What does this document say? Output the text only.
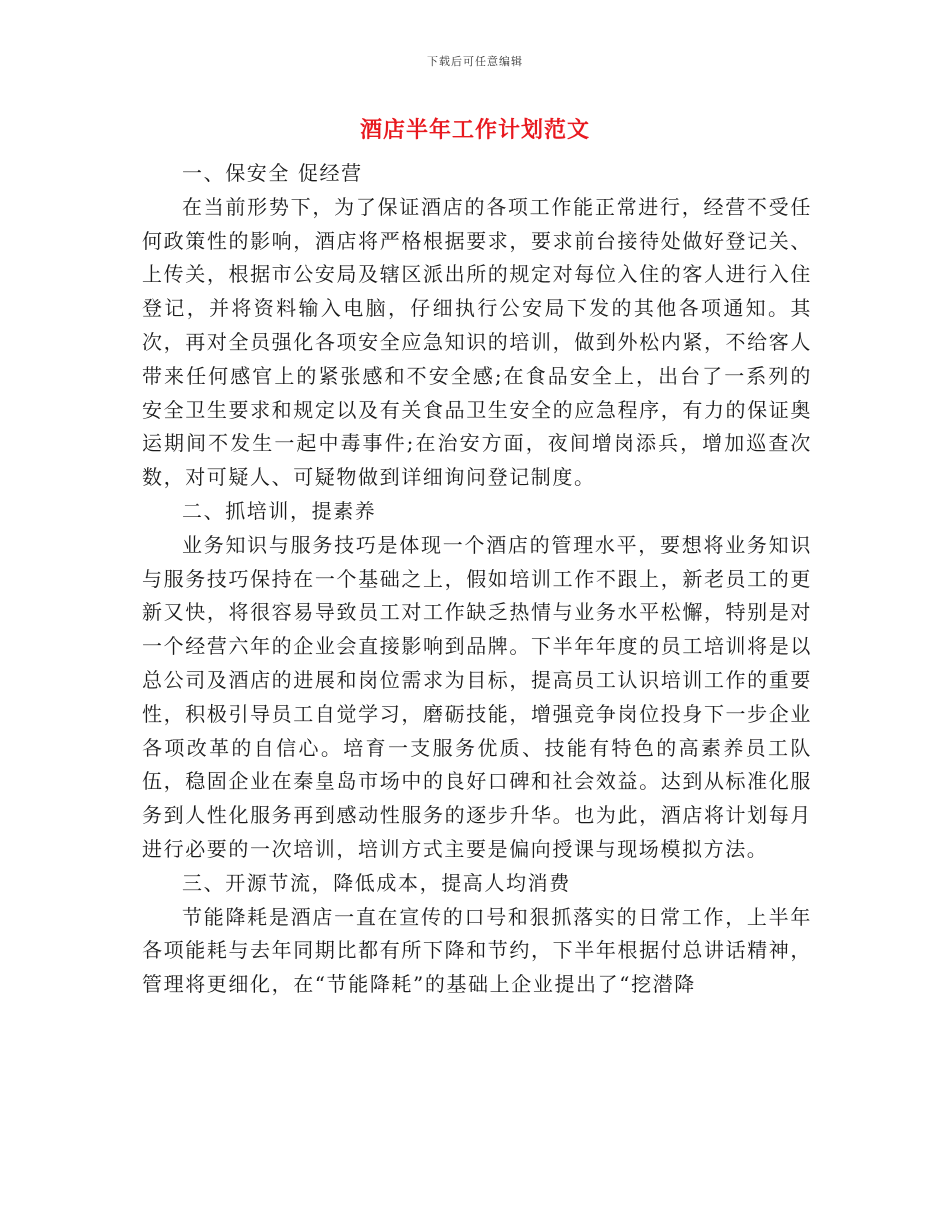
下载后可任意编辑
酒店半年工作计划范文

一、保安全 促经营

在当前形势下，为了保证酒店的各项工作能正常进行，经营不受任何政策性的影响，酒店将严格根据要求，要求前台接待处做好登记关、上传关，根据市公安局及辖区派出所的规定对每位入住的客人进行入住登记，并将资料输入电脑，仔细执行公安局下发的其他各项通知。其次，再对全员强化各项安全应急知识的培训，做到外松内紧，不给客人带来任何感官上的紧张感和不安全感;在食品安全上，出台了一系列的安全卫生要求和规定以及有关食品卫生安全的应急程序，有力的保证奥运期间不发生一起中毒事件;在治安方面，夜间增岗添兵，增加巡查次数，对可疑人、可疑物做到详细询问登记制度。

二、抓培训，提素养

业务知识与服务技巧是体现一个酒店的管理水平，要想将业务知识与服务技巧保持在一个基础之上，假如培训工作不跟上，新老员工的更新又快，将很容易导致员工对工作缺乏热情与业务水平松懈，特别是对一个经营六年的企业会直接影响到品牌。下半年年度的员工培训将是以总公司及酒店的进展和岗位需求为目标，提高员工认识培训工作的重要性，积极引导员工自觉学习，磨砺技能，增强竞争岗位投身下一步企业各项改革的自信心。培育一支服务优质、技能有特色的高素养员工队伍，稳固企业在秦皇岛市场中的良好口碑和社会效益。达到从标准化服务到人性化服务再到感动性服务的逐步升华。也为此，酒店将计划每月进行必要的一次培训，培训方式主要是偏向授课与现场模拟方法。

三、开源节流，降低成本，提高人均消费

节能降耗是酒店一直在宣传的口号和狠抓落实的日常工作，上半年各项能耗与去年同期比都有所下降和节约，下半年根据付总讲话精神，管理将更细化，在“节能降耗”的基础上企业提出了“挖潜降
